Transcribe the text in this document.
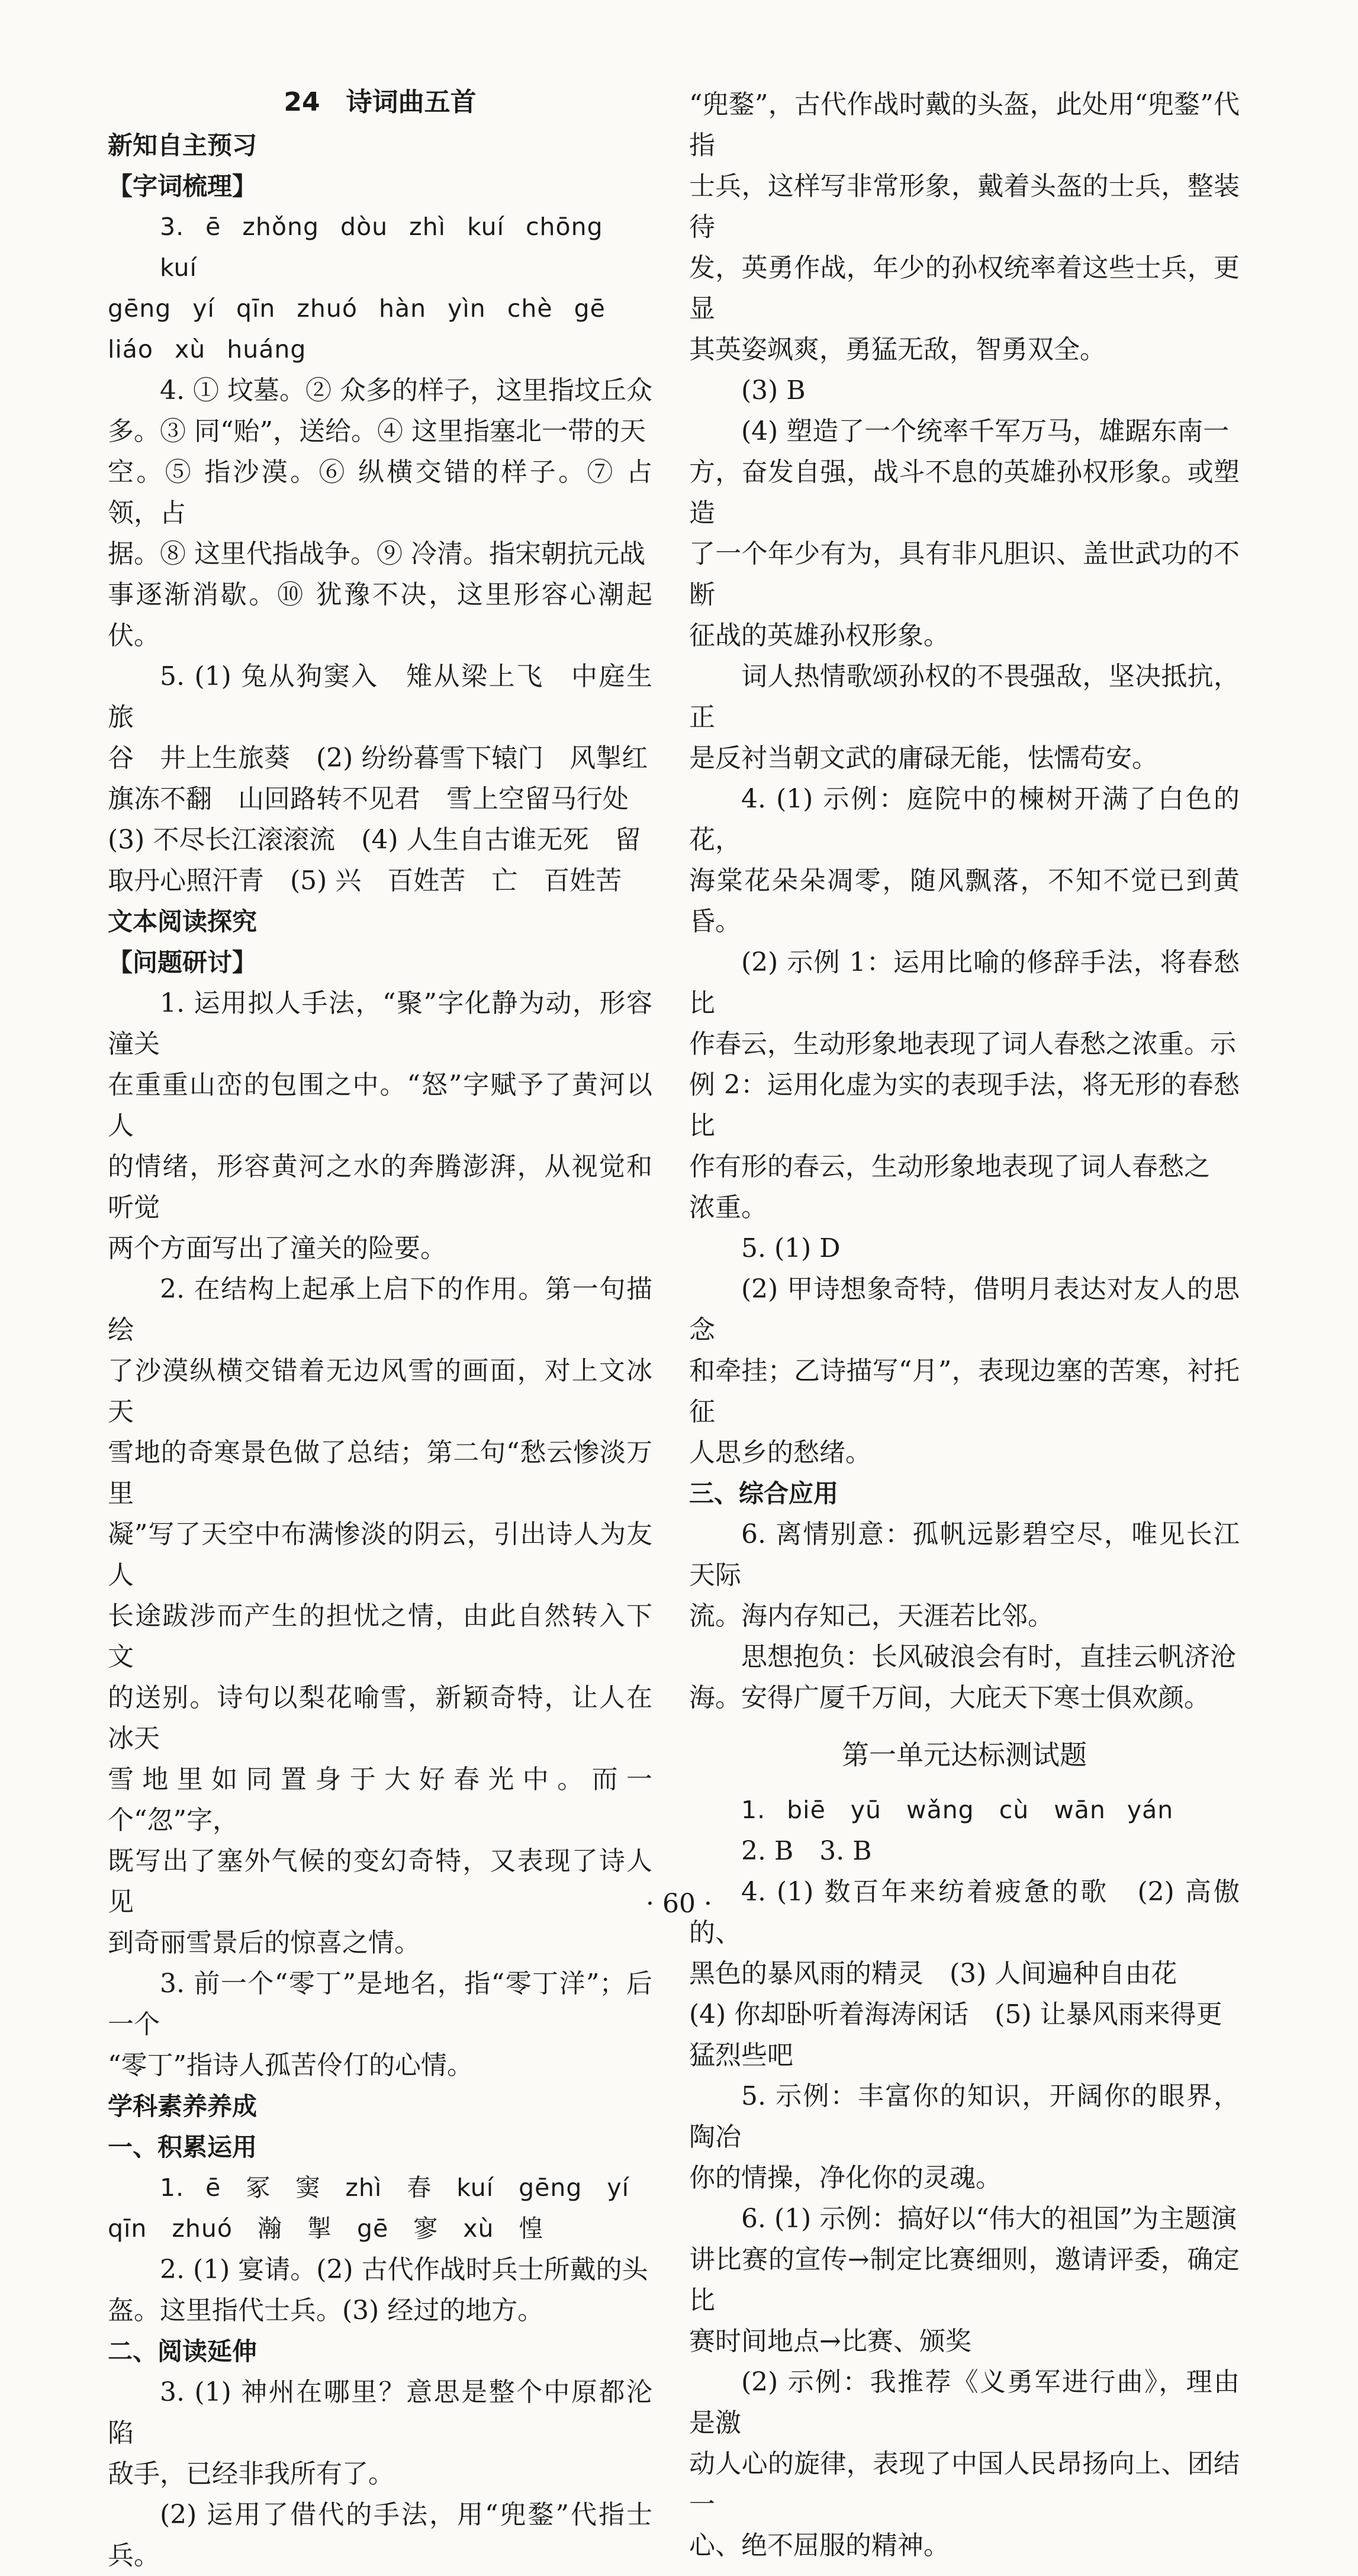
24　诗词曲五首

新知自主预习

【字词梳理】

3. ē zhǒng dòu zhì kuí chōng kuí

gēng yí qīn zhuó hàn yìn chè gē

liáo xù huáng

4. ① 坟墓。② 众多的样子，这里指坟丘众

多。③ 同“贻”，送给。④ 这里指塞北一带的天

空。⑤ 指沙漠。⑥ 纵横交错的样子。⑦ 占领，占

据。⑧ 这里代指战争。⑨ 冷清。指宋朝抗元战

事逐渐消歇。⑩ 犹豫不决，这里形容心潮起伏。

5. (1) 兔从狗窦入　雉从梁上飞　中庭生旅

谷　井上生旅葵　(2) 纷纷暮雪下辕门　风掣红

旗冻不翻　山回路转不见君　雪上空留马行处

(3) 不尽长江滚滚流　(4) 人生自古谁无死　留

取丹心照汗青　(5) 兴　百姓苦　亡　百姓苦

文本阅读探究

【问题研讨】

1. 运用拟人手法，“聚”字化静为动，形容潼关

在重重山峦的包围之中。“怒”字赋予了黄河以人

的情绪，形容黄河之水的奔腾澎湃，从视觉和听觉

两个方面写出了潼关的险要。

2. 在结构上起承上启下的作用。第一句描绘

了沙漠纵横交错着无边风雪的画面，对上文冰天

雪地的奇寒景色做了总结；第二句“愁云惨淡万里

凝”写了天空中布满惨淡的阴云，引出诗人为友人

长途跋涉而产生的担忧之情，由此自然转入下文

的送别。诗句以梨花喻雪，新颖奇特，让人在冰天

雪地里如同置身于大好春光中。而一个“忽”字，

既写出了塞外气候的变幻奇特，又表现了诗人见

到奇丽雪景后的惊喜之情。

3. 前一个“零丁”是地名，指“零丁洋”；后一个

“零丁”指诗人孤苦伶仃的心情。

学科素养养成

一、积累运用

1. ē　冢　窦　zhì　春　kuí　gēng　yí

qīn　zhuó　瀚　掣　gē　寥　xù　惶

2. (1) 宴请。(2) 古代作战时兵士所戴的头

盔。这里指代士兵。(3) 经过的地方。

二、阅读延伸

3. (1) 神州在哪里？意思是整个中原都沦陷

敌手，已经非我所有了。

(2) 运用了借代的手法，用“兜鍪”代指士兵。

“兜鍪”，古代作战时戴的头盔，此处用“兜鍪”代指

士兵，这样写非常形象，戴着头盔的士兵，整装待

发，英勇作战，年少的孙权统率着这些士兵，更显

其英姿飒爽，勇猛无敌，智勇双全。

(3) B

(4) 塑造了一个统率千军万马，雄踞东南一

方，奋发自强，战斗不息的英雄孙权形象。或塑造

了一个年少有为，具有非凡胆识、盖世武功的不断

征战的英雄孙权形象。

词人热情歌颂孙权的不畏强敌，坚决抵抗，正

是反衬当朝文武的庸碌无能，怯懦苟安。

4. (1) 示例：庭院中的楝树开满了白色的花，

海棠花朵朵凋零，随风飘落，不知不觉已到黄昏。

(2) 示例 1：运用比喻的修辞手法，将春愁比

作春云，生动形象地表现了词人春愁之浓重。示

例 2：运用化虚为实的表现手法，将无形的春愁比

作有形的春云，生动形象地表现了词人春愁之

浓重。

5. (1) D

(2) 甲诗想象奇特，借明月表达对友人的思念

和牵挂；乙诗描写“月”，表现边塞的苦寒，衬托征

人思乡的愁绪。

三、综合应用

6. 离情别意：孤帆远影碧空尽，唯见长江天际

流。海内存知己，天涯若比邻。

思想抱负：长风破浪会有时，直挂云帆济沧

海。安得广厦千万间，大庇天下寒士俱欢颜。

第一单元达标测试题

1. biē　yū　wǎng　cù　wān yán

2. B　3. B

4. (1) 数百年来纺着疲惫的歌　(2) 高傲的、

黑色的暴风雨的精灵　(3) 人间遍种自由花

(4) 你却卧听着海涛闲话　(5) 让暴风雨来得更

猛烈些吧

5. 示例：丰富你的知识，开阔你的眼界，陶冶

你的情操，净化你的灵魂。

6. (1) 示例：搞好以“伟大的祖国”为主题演

讲比赛的宣传→制定比赛细则，邀请评委，确定比

赛时间地点→比赛、颁奖

(2) 示例：我推荐《义勇军进行曲》，理由是激

动人心的旋律，表现了中国人民昂扬向上、团结一

心、绝不屈服的精神。

· 60 ·
